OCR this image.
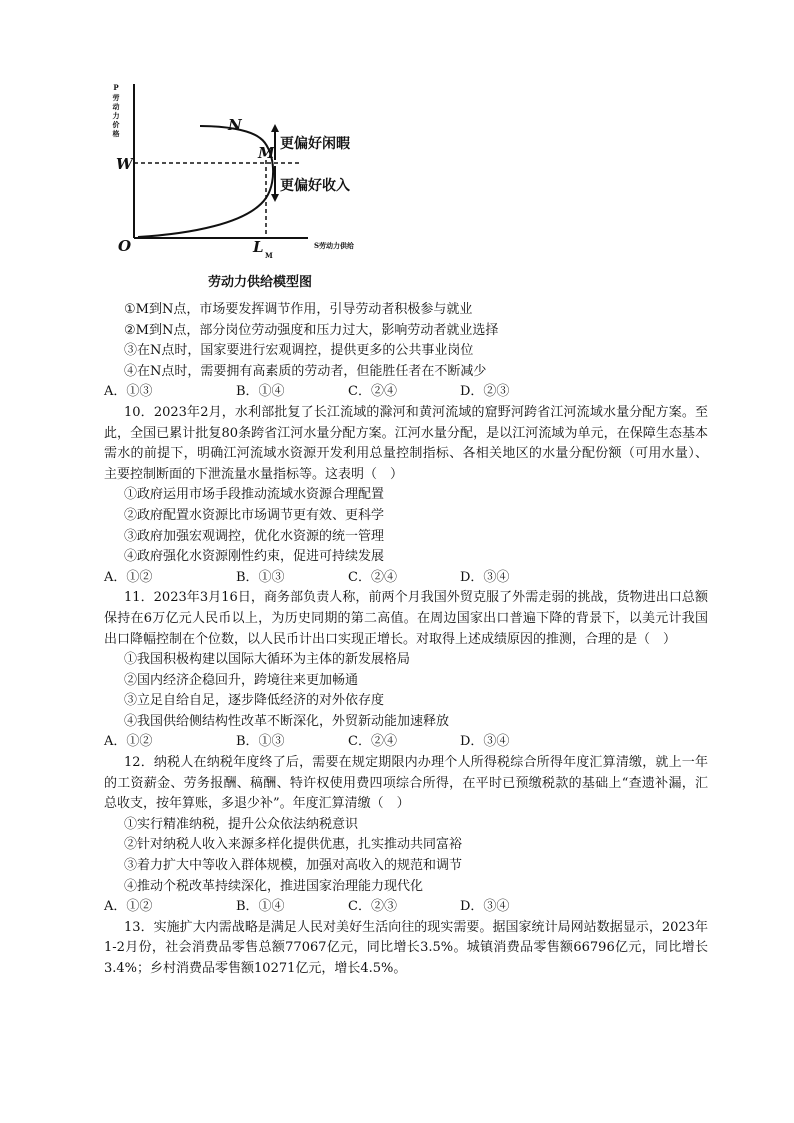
P
劳
动
力
价
格	N
M
W
O	L M
S劳动力供给
更偏好闲暇
更偏好收入
劳动力供给模型图
①M到N点，市场要发挥调节作用，引导劳动者积极参与就业
②M到N点，部分岗位劳动强度和压力过大，影响劳动者就业选择
③在N点时，国家要进行宏观调控，提供更多的公共事业岗位
④在N点时，需要拥有高素质的劳动者，但能胜任者在不断减少
A．①③	B．①④	C．②④	D．②③
10．2023年2月，水利部批复了长江流域的滁河和黄河流域的窟野河跨省江河流域水量分配方案。至此，全国已累计批复80条跨省江河水量分配方案。江河水量分配，是以江河流域为单元，在保障生态基本需水的前提下，明确江河流域水资源开发利用总量控制指标、各相关地区的水量分配份额（可用水量）、主要控制断面的下泄流量水量指标等。这表明（　）
①政府运用市场手段推动流域水资源合理配置
②政府配置水资源比市场调节更有效、更科学
③政府加强宏观调控，优化水资源的统一管理
④政府强化水资源刚性约束，促进可持续发展
A．①②	B．①③	C．②④	D．③④
11．2023年3月16日，商务部负责人称，前两个月我国外贸克服了外需走弱的挑战，货物进出口总额保持在6万亿元人民币以上，为历史同期的第二高值。在周边国家出口普遍下降的背景下，以美元计我国出口降幅控制在个位数，以人民币计出口实现正增长。对取得上述成绩原因的推测，合理的是（　）
①我国积极构建以国际大循环为主体的新发展格局
②国内经济企稳回升，跨境往来更加畅通
③立足自给自足，逐步降低经济的对外依存度
④我国供给侧结构性改革不断深化，外贸新动能加速释放
A．①②	B．①③	C．②④	D．③④
12．纳税人在纳税年度终了后，需要在规定期限内办理个人所得税综合所得年度汇算清缴，就上一年的工资薪金、劳务报酬、稿酬、特许权使用费四项综合所得，在平时已预缴税款的基础上“查遗补漏，汇总收支，按年算账，多退少补”。年度汇算清缴（　）
①实行精准纳税，提升公众依法纳税意识
②针对纳税人收入来源多样化提供优惠，扎实推动共同富裕
③着力扩大中等收入群体规模，加强对高收入的规范和调节
④推动个税改革持续深化，推进国家治理能力现代化
A．①②	B．①④	C．②③	D．③④
13．实施扩大内需战略是满足人民对美好生活向往的现实需要。据国家统计局网站数据显示，2023年1-2月份，社会消费品零售总额77067亿元，同比增长3.5%。城镇消费品零售额66796亿元，同比增长3.4%；乡村消费品零售额10271亿元，增长4.5%。
